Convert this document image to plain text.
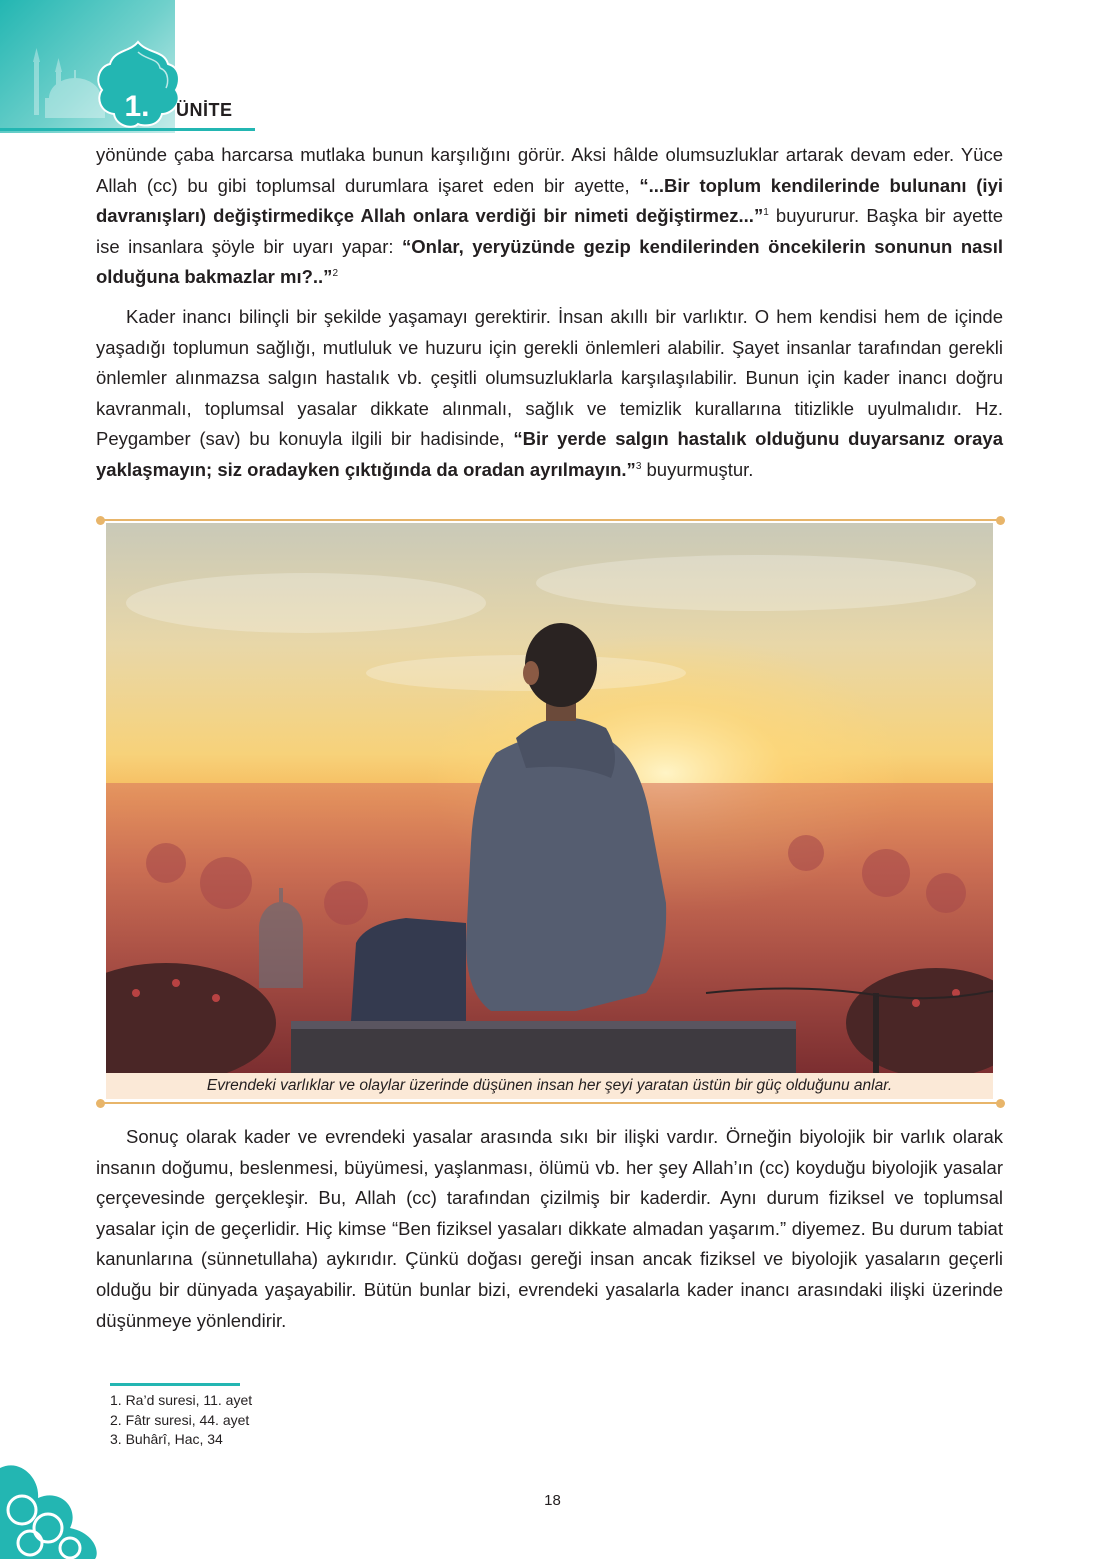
1.	ÜNİTE

yönünde çaba harcarsa mutlaka bunun karşılığını görür. Aksi hâlde olumsuzluklar artarak devam eder. Yüce Allah (cc) bu gibi toplumsal durumlara işaret eden bir ayette, “...Bir toplum kendilerinde bulunanı (iyi davranışları) değiştirmedikçe Allah onlara verdiği bir nimeti değiştirmez...”$^1$ buyururur. Başka bir ayette ise insanlara şöyle bir uyarı yapar: “Onlar, yeryüzünde gezip kendilerinden öncekilerin sonunun nasıl olduğuna bakmazlar mı?..”$^2$

Kader inancı bilinçli bir şekilde yaşamayı gerektirir. İnsan akıllı bir varlıktır. O hem kendisi hem de içinde yaşadığı toplumun sağlığı, mutluluk ve huzuru için gerekli önlemleri alabilir. Şayet insanlar tarafından gerekli önlemler alınmazsa salgın hastalık vb. çeşitli olumsuzluklarla karşılaşılabilir. Bunun için kader inancı doğru kavranmalı, toplumsal yasalar dikkate alınmalı, sağlık ve temizlik kurallarına titizlikle uyulmalıdır. Hz. Peygamber (sav) bu konuyla ilgili bir hadisinde, “Bir yerde salgın hastalık olduğunu duyarsanız oraya yaklaşmayın; siz oradayken çıktığında da oradan ayrılmayın.”$^3$ buyurmuştur.

Evrendeki varlıklar ve olaylar üzerinde düşünen insan her şeyi yaratan üstün bir güç olduğunu anlar.

Sonuç olarak kader ve evrendeki yasalar arasında sıkı bir ilişki vardır. Örneğin biyolojik bir varlık olarak insanın doğumu, beslenmesi, büyümesi, yaşlanması, ölümü vb. her şey Allah’ın (cc) koyduğu biyolojik yasalar çerçevesinde gerçekleşir. Bu, Allah (cc) tarafından çizilmiş bir kaderdir. Aynı durum fiziksel ve toplumsal yasalar için de geçerlidir. Hiç kimse “Ben fiziksel yasaları dikkate almadan yaşarım.” diyemez. Bu durum tabiat kanunlarına (sünnetullaha) aykırıdır. Çünkü doğası gereği insan ancak fiziksel ve biyolojik yasaların geçerli olduğu bir dünyada yaşayabilir. Bütün bunlar bizi, evrendeki yasalarla kader inancı arasındaki ilişki üzerinde düşünmeye yönlendirir.

1. Ra’d suresi, 11. ayet
2. Fâtr suresi, 44. ayet
3. Buhârî, Hac, 34
18
